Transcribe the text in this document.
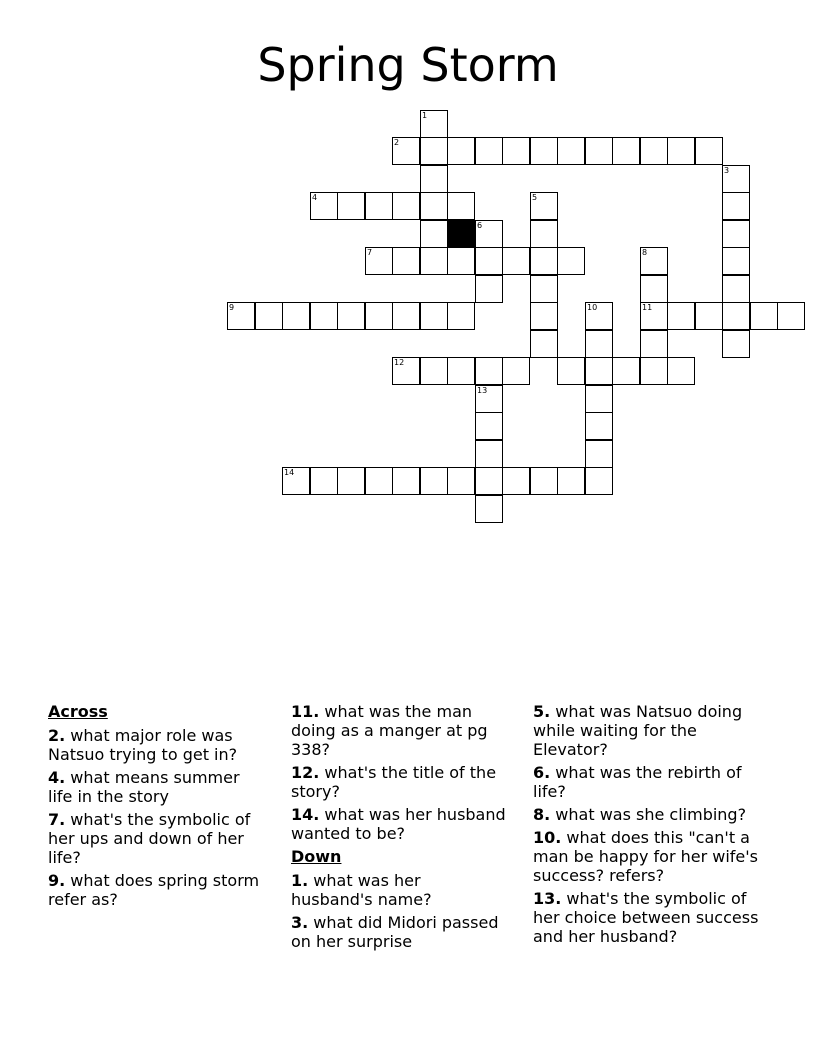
Spring Storm
1
2
4	5
3
6
7	8
11
9	10
12
13
14
Across
2. what major role was Natsuo trying to get in?
4. what means summer life in the story
7. what's the symbolic of her ups and down of her life?
9. what does spring storm refer as?
11. what was the man doing as a manger at pg 338?
12. what's the title of the story?
14. what was her husband wanted to be?
Down
1. what was her husband's name?
3. what did Midori passed on her surprise
5. what was Natsuo doing while waiting for the Elevator?
6. what was the rebirth of life?
8. what was she climbing?
10. what does this "can't a man be happy for her wife's success? refers?
13. what's the symbolic of her choice between success and her husband?
